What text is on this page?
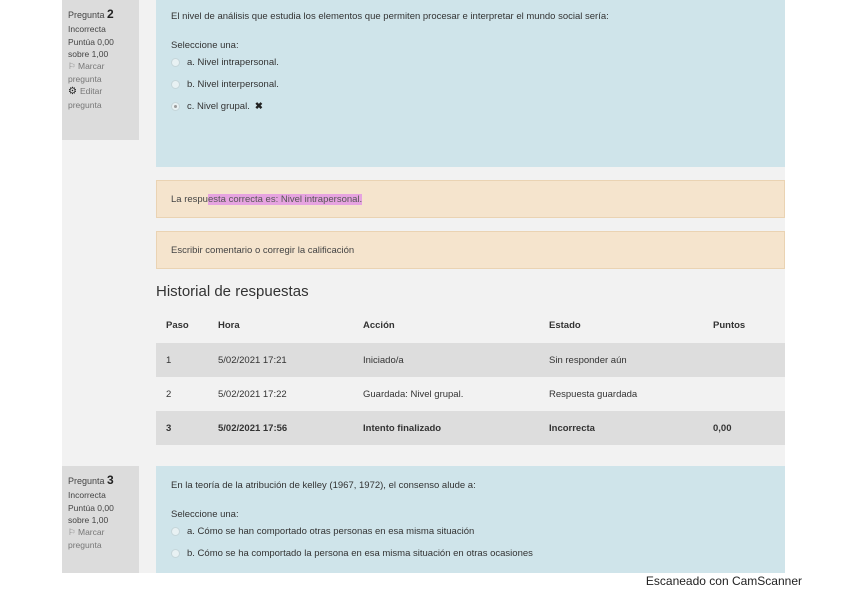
Pregunta 2
Incorrecta
Puntúa 0,00
sobre 1,00
⚐ Marcar
pregunta
⚙ Editar
pregunta
El nivel de análisis que estudia los elementos que permiten procesar e interpretar el mundo social sería:
Seleccione una:
a. Nivel intrapersonal.
b. Nivel interpersonal.
c. Nivel grupal. ✖
La respu esta correcta es: Nivel intrapersonal.
Escribir comentario o corregir la calificación
Historial de respuestas
Paso	Hora	Acción	Estado	Puntos
1	5/02/2021 17:21	Iniciado/a	Sin responder aún
2	5/02/2021 17:22	Guardada: Nivel grupal.	Respuesta guardada
3	5/02/2021 17:56	Intento finalizado	Incorrecta	0,00
Pregunta 3
Incorrecta
Puntúa 0,00
sobre 1,00
⚐ Marcar
pregunta
En la teoría de la atribución de kelley (1967, 1972), el consenso alude a:
Seleccione una:
a. Cómo se han comportado otras personas en esa misma situación
b. Cómo se ha comportado la persona en esa misma situación en otras ocasiones
Escaneado con CamScanner
